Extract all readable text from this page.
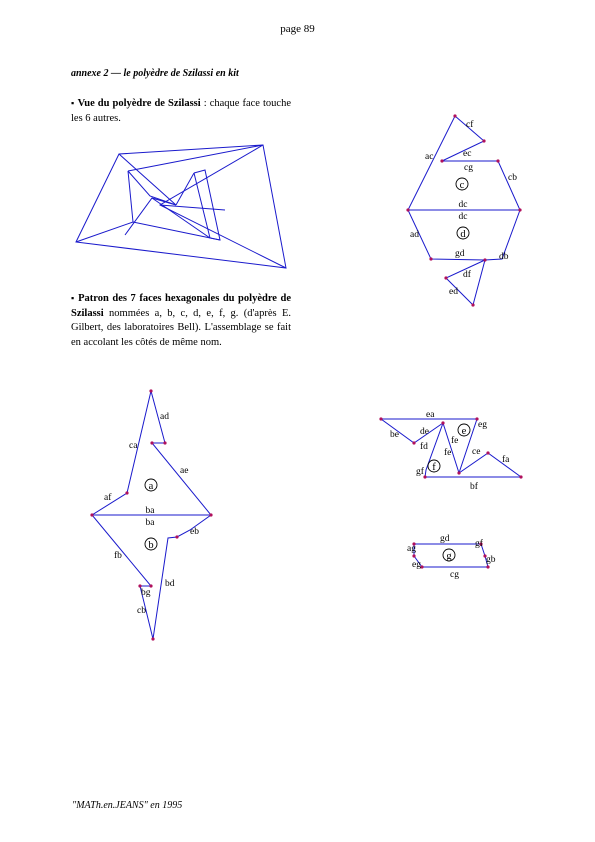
page 89
annexe 2 — le polyèdre de Szilassi en kit
▪ Vue du polyèdre de Szilassi : chaque face touche les 6 autres.
▪ Patron des 7 faces hexagonales du polyèdre de Szilassi nommées a, b, c, d, e, f, g. (d'après E. Gilbert, des laboratoires Bell). L'assemblage se fait en accolant les côtés de même nom.
c
d
cf
ec
cg
ac
cb
dc
dc
ad
gd	db
df
ed
a
b
ad
ca
ae
af
ba
ba
eb
fb
bg
bd
cb
e
f
ea
be de
eg
fd
fe
fe
ce
fa
gf
bf
g
gd
ag
eg
gf
gb
cg
"MATh.en.JEANS" en 1995
